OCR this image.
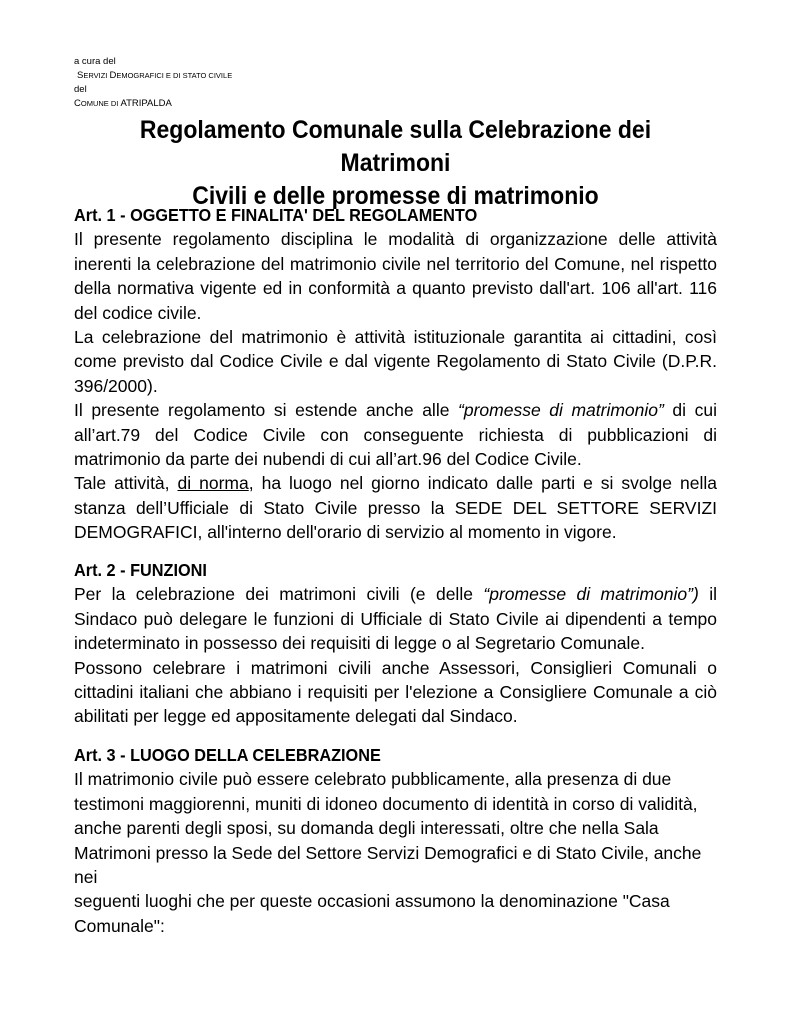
a cura del
SERVIZI DEMOGRAFICI E DI STATO CIVILE
del
COMUNE DI ATRIPALDA
Regolamento Comunale sulla Celebrazione dei Matrimoni
Civili e delle promesse di matrimonio
Art. 1 - OGGETTO E FINALITA' DEL REGOLAMENTO
Il presente regolamento disciplina le modalità di organizzazione delle attività inerenti la celebrazione del matrimonio civile nel territorio del Comune, nel rispetto della normativa vigente ed in conformità a quanto previsto dall'art. 106 all'art. 116 del codice civile.
La celebrazione del matrimonio è attività istituzionale garantita ai cittadini, così come previsto dal Codice Civile e dal vigente Regolamento di Stato Civile (D.P.R. 396/2000).
Il presente regolamento si estende anche alle “promesse di matrimonio” di cui all’art.79 del Codice Civile con conseguente richiesta di pubblicazioni di matrimonio da parte dei nubendi di cui all’art.96 del Codice Civile.
Tale attività, di norma, ha luogo nel giorno indicato dalle parti e si svolge nella stanza dell’Ufficiale di Stato Civile presso la SEDE DEL SETTORE SERVIZI DEMOGRAFICI, all'interno dell'orario di servizio al momento in vigore.
Art. 2 - FUNZIONI
Per la celebrazione dei matrimoni civili (e delle “promesse di matrimonio”) il Sindaco può delegare le funzioni di Ufficiale di Stato Civile ai dipendenti a tempo indeterminato in possesso dei requisiti di legge o al Segretario Comunale.
Possono celebrare i matrimoni civili anche Assessori, Consiglieri Comunali o cittadini italiani che abbiano i requisiti per l'elezione a Consigliere Comunale a ciò abilitati per legge ed appositamente delegati dal Sindaco.
Art. 3 - LUOGO DELLA CELEBRAZIONE
Il matrimonio civile può essere celebrato pubblicamente, alla presenza di due
testimoni maggiorenni, muniti di idoneo documento di identità in corso di validità,
anche parenti degli sposi, su domanda degli interessati, oltre che nella Sala
Matrimoni presso la Sede del Settore Servizi Demografici e di Stato Civile, anche nei
seguenti luoghi che per queste occasioni assumono la denominazione "Casa
Comunale":
